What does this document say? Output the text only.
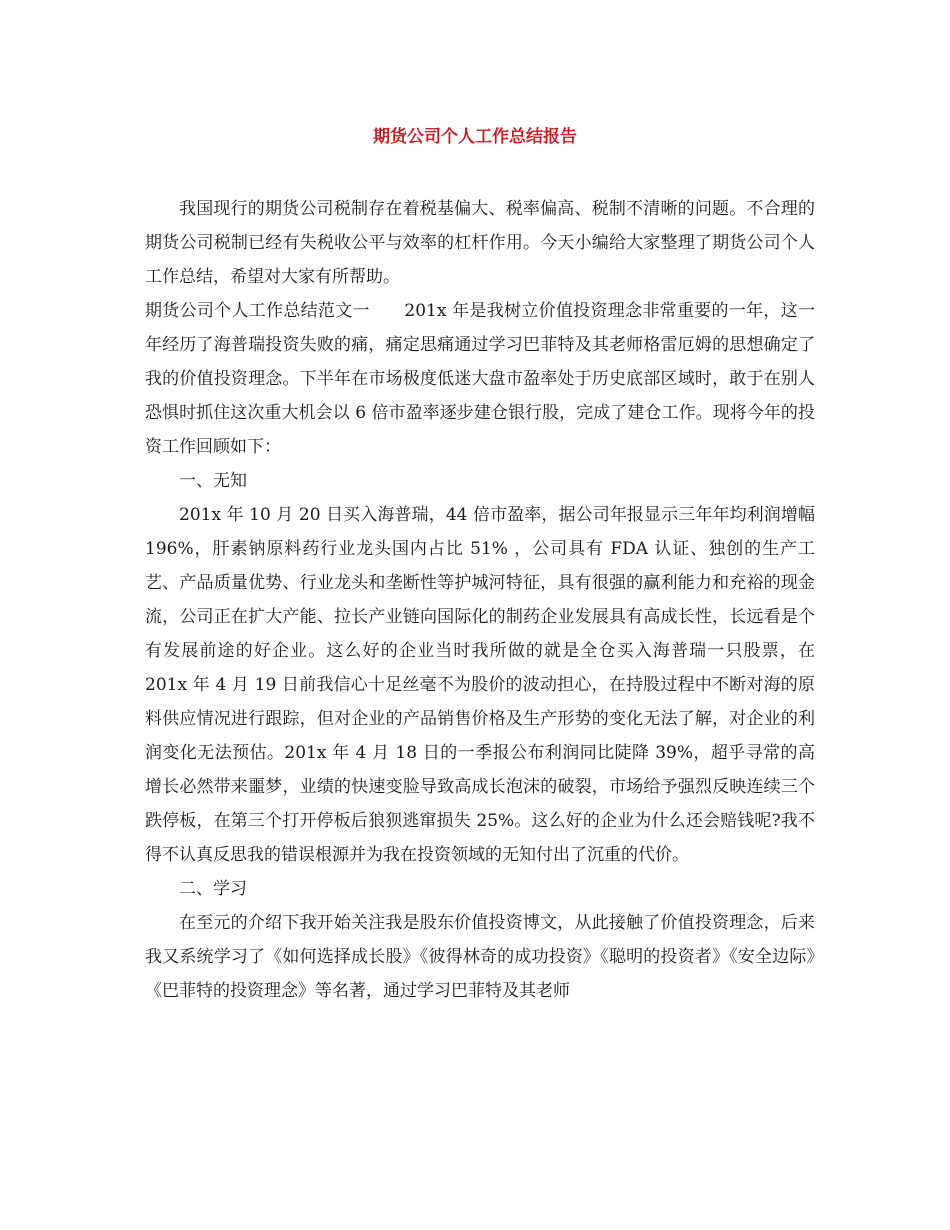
期货公司个人工作总结报告

我国现行的期货公司税制存在着税基偏大、税率偏高、税制不清晰的问题。不合理的期货公司税制已经有失税收公平与效率的杠杆作用。今天小编给大家整理了期货公司个人工作总结，希望对大家有所帮助。

期货公司个人工作总结范文一　　201x 年是我树立价值投资理念非常重要的一年，这一年经历了海普瑞投资失败的痛，痛定思痛通过学习巴菲特及其老师格雷厄姆的思想确定了我的价值投资理念。下半年在市场极度低迷大盘市盈率处于历史底部区域时，敢于在别人恐惧时抓住这次重大机会以 6 倍市盈率逐步建仓银行股，完成了建仓工作。现将今年的投资工作回顾如下：

一、无知

201x 年 10 月 20 日买入海普瑞，44 倍市盈率，据公司年报显示三年年均利润增幅 196%，肝素钠原料药行业龙头国内占比 51% ，公司具有 FDA 认证、独创的生产工艺、产品质量优势、行业龙头和垄断性等护城河特征，具有很强的赢利能力和充裕的现金流，公司正在扩大产能、拉长产业链向国际化的制药企业发展具有高成长性，长远看是个有发展前途的好企业。这么好的企业当时我所做的就是全仓买入海普瑞一只股票，在 201x 年 4 月 19 日前我信心十足丝毫不为股价的波动担心，在持股过程中不断对海的原料供应情况进行跟踪，但对企业的产品销售价格及生产形势的变化无法了解，对企业的利润变化无法预估。201x 年 4 月 18 日的一季报公布利润同比陡降 39%，超乎寻常的高增长必然带来噩梦，业绩的快速变脸导致高成长泡沫的破裂，市场给予强烈反映连续三个跌停板，在第三个打开停板后狼狈逃窜损失 25%。这么好的企业为什么还会赔钱呢?我不得不认真反思我的错误根源并为我在投资领域的无知付出了沉重的代价。

二、学习

在至元的介绍下我开始关注我是股东价值投资博文，从此接触了价值投资理念，后来我又系统学习了《如何选择成长股》《彼得林奇的成功投资》《聪明的投资者》《安全边际》《巴菲特的投资理念》等名著，通过学习巴菲特及其老师
